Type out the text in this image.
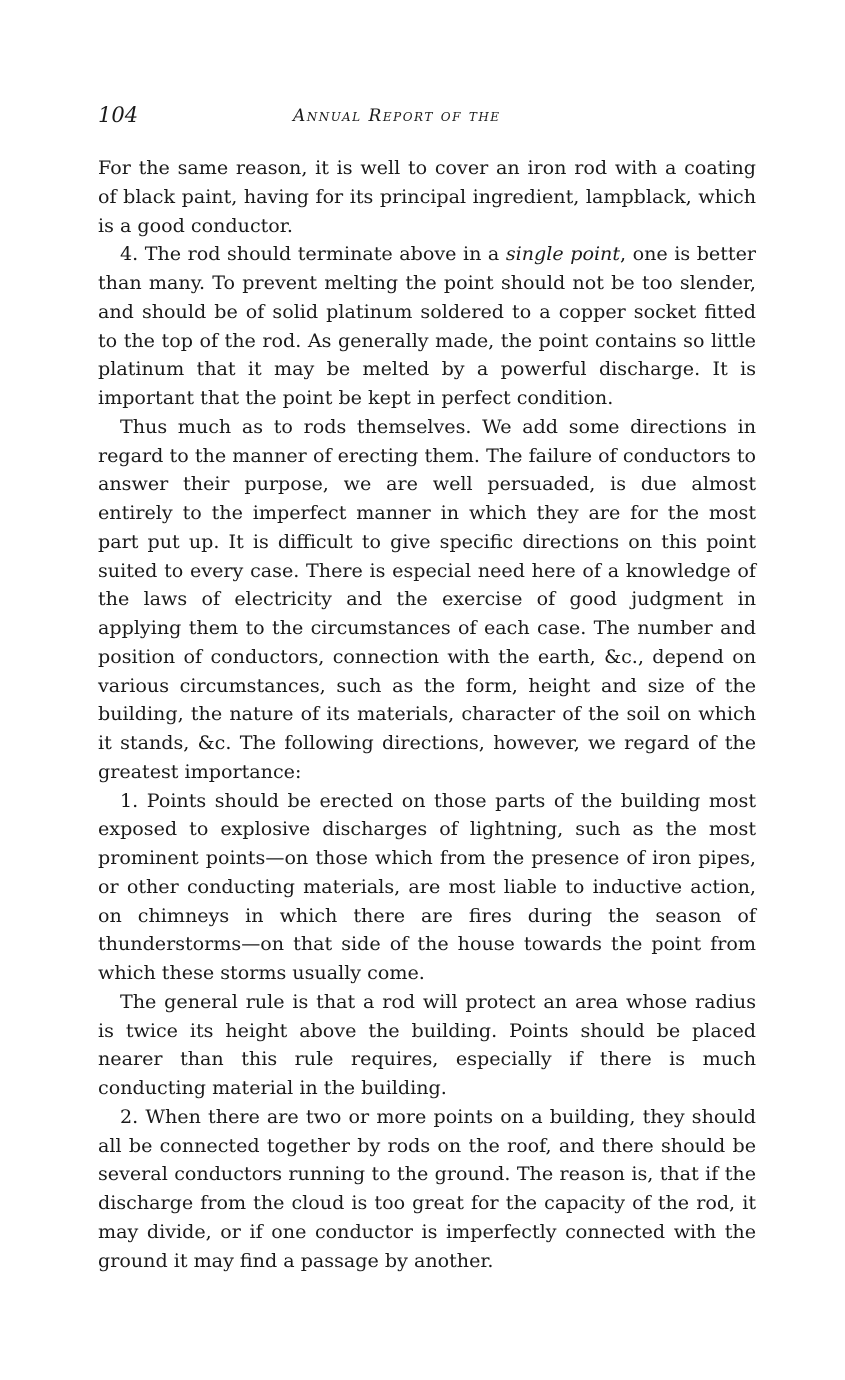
104	Annual Report of the

For the same reason, it is well to cover an iron rod with a coating of black paint, having for its principal ingredient, lampblack, which is a good conductor.

4. The rod should terminate above in a single point, one is better than many. To prevent melting the point should not be too slender, and should be of solid platinum soldered to a copper socket fitted to the top of the rod. As generally made, the point contains so little platinum that it may be melted by a powerful discharge. It is important that the point be kept in perfect condition.

Thus much as to rods themselves. We add some directions in regard to the manner of erecting them. The failure of conductors to answer their purpose, we are well persuaded, is due almost entirely to the imperfect manner in which they are for the most part put up. It is difficult to give specific directions on this point suited to every case. There is especial need here of a knowledge of the laws of electricity and the exercise of good judgment in applying them to the circumstances of each case. The number and position of conductors, connection with the earth, &c., depend on various circumstances, such as the form, height and size of the building, the nature of its materials, character of the soil on which it stands, &c. The following directions, however, we regard of the greatest importance:

1. Points should be erected on those parts of the building most exposed to explosive discharges of lightning, such as the most prominent points—on those which from the presence of iron pipes, or other conducting materials, are most liable to inductive action, on chimneys in which there are fires during the season of thunderstorms—on that side of the house towards the point from which these storms usually come.

The general rule is that a rod will protect an area whose radius is twice its height above the building. Points should be placed nearer than this rule requires, especially if there is much conducting material in the building.

2. When there are two or more points on a building, they should all be connected together by rods on the roof, and there should be several conductors running to the ground. The reason is, that if the discharge from the cloud is too great for the capacity of the rod, it may divide, or if one conductor is imperfectly connected with the ground it may find a passage by another.
